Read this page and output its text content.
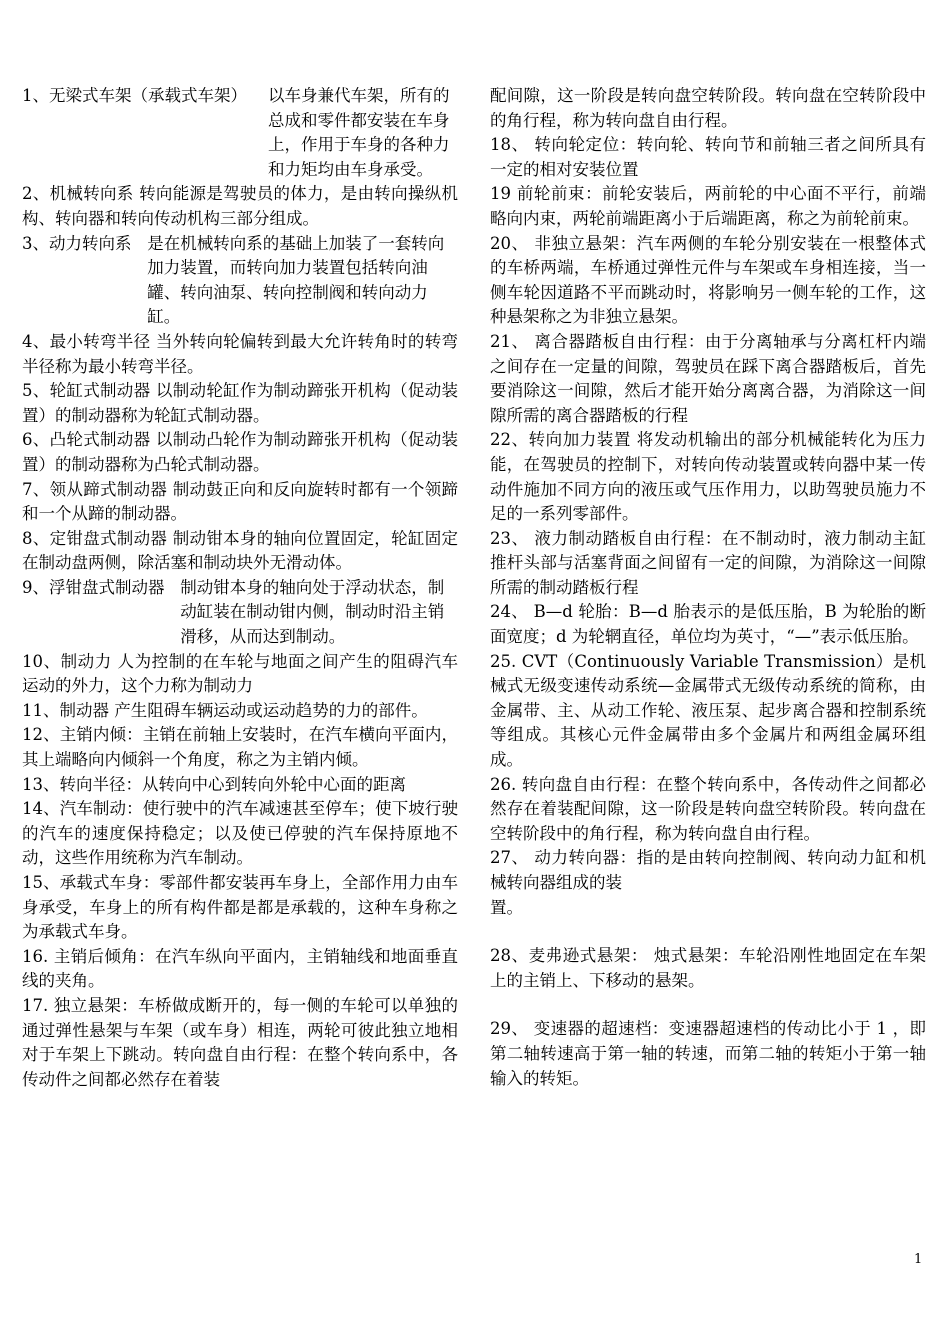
1、无梁式车架（承载式车架） 以车身兼代车架，所有的总成和零件都安装在车身上，作用于车身的各种力和力矩均由车身承受。

2、机械转向系 转向能源是驾驶员的体力，是由转向操纵机构、转向器和转向传动机构三部分组成。

3、动力转向系 是在机械转向系的基础上加装了一套转向加力装置，而转向加力装置包括转向油罐、转向油泵、转向控制阀和转向动力缸。

4、最小转弯半径 当外转向轮偏转到最大允许转角时的转弯半径称为最小转弯半径。

5、轮缸式制动器 以制动轮缸作为制动蹄张开机构（促动装置）的制动器称为轮缸式制动器。

6、凸轮式制动器 以制动凸轮作为制动蹄张开机构（促动装置）的制动器称为凸轮式制动器。

7、领从蹄式制动器 制动鼓正向和反向旋转时都有一个领蹄和一个从蹄的制动器。

8、定钳盘式制动器 制动钳本身的轴向位置固定，轮缸固定在制动盘两侧，除活塞和制动块外无滑动体。

9、浮钳盘式制动器 制动钳本身的轴向处于浮动状态，制动缸装在制动钳内侧，制动时沿主销滑移，从而达到制动。

10、制动力 人为控制的在车轮与地面之间产生的阻碍汽车运动的外力，这个力称为制动力

11、制动器 产生阻碍车辆运动或运动趋势的力的部件。

12、主销内倾：主销在前轴上安装时，在汽车横向平面内，其上端略向内倾斜一个角度，称之为主销内倾。

13、转向半径：从转向中心到转向外轮中心面的距离

14、汽车制动：使行驶中的汽车减速甚至停车；使下坡行驶的汽车的速度保持稳定；以及使已停驶的汽车保持原地不动，这些作用统称为汽车制动。

15、承载式车身：零部件都安装再车身上，全部作用力由车身承受，车身上的所有构件都是都是承载的，这种车身称之为承载式车身。

16. 主销后倾角：在汽车纵向平面内，主销轴线和地面垂直线的夹角。

17. 独立悬架：车桥做成断开的，每一侧的车轮可以单独的通过弹性悬架与车架（或车身）相连，两轮可彼此独立地相对于车架上下跳动。转向盘自由行程：在整个转向系中，各传动件之间都必然存在着装

配间隙，这一阶段是转向盘空转阶段。转向盘在空转阶段中的角行程，称为转向盘自由行程。

18、 转向轮定位：转向轮、转向节和前轴三者之间所具有一定的相对安装位置

19 前轮前束：前轮安装后，两前轮的中心面不平行，前端略向内束，两轮前端距离小于后端距离，称之为前轮前束。

20、 非独立悬架：汽车两侧的车轮分别安装在一根整体式的车桥两端，车桥通过弹性元件与车架或车身相连接，当一侧车轮因道路不平而跳动时，将影响另一侧车轮的工作，这种悬架称之为非独立悬架。

21、 离合器踏板自由行程：由于分离轴承与分离杠杆内端之间存在一定量的间隙，驾驶员在踩下离合器踏板后，首先要消除这一间隙，然后才能开始分离离合器，为消除这一间隙所需的离合器踏板的行程

22、转向加力装置 将发动机输出的部分机械能转化为压力能，在驾驶员的控制下，对转向传动装置或转向器中某一传动件施加不同方向的液压或气压作用力，以助驾驶员施力不足的一系列零部件。

23、 液力制动踏板自由行程：在不制动时，液力制动主缸推杆头部与活塞背面之间留有一定的间隙，为消除这一间隙所需的制动踏板行程

24、 B—d 轮胎：B—d 胎表示的是低压胎，B 为轮胎的断面宽度；d 为轮辋直径，单位均为英寸，“—”表示低压胎。

25. CVT（Continuously Variable Transmission）是机械式无级变速传动系统—金属带式无级传动系统的简称，由金属带、主、从动工作轮、液压泵、起步离合器和控制系统等组成。其核心元件金属带由多个金属片和两组金属环组成。

26. 转向盘自由行程：在整个转向系中，各传动件之间都必然存在着装配间隙，这一阶段是转向盘空转阶段。转向盘在空转阶段中的角行程，称为转向盘自由行程。

27、 动力转向器：指的是由转向控制阀、转向动力缸和机械转向器组成的装

置。

28、麦弗逊式悬架： 烛式悬架：车轮沿刚性地固定在车架上的主销上、下移动的悬架。

29、 变速器的超速档：变速器超速档的传动比小于 1 ，即第二轴转速高于第一轴的转速，而第二轴的转矩小于第一轴输入的转矩。

1
